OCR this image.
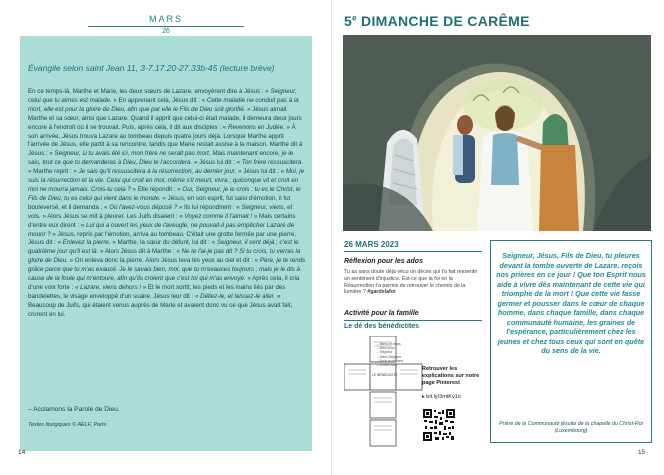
MARS
26
Évangile selon saint Jean 11, 3-7.17.20-27.33b-45 (lecture brève)
En ce temps-là, Marthe et Marie, les deux sœurs de Lazare, envoyèrent dire à Jésus : « Seigneur, celui que tu aimes est malade. » En apprenant cela, Jésus dit : « Cette maladie ne conduit pas à la mort, elle est pour la gloire de Dieu, afin que par elle le Fils de Dieu soit glorifié. » Jésus aimait Marthe et sa sœur, ainsi que Lazare. Quand il apprit que celui-ci était malade, il demeura deux jours encore à l'endroit où il se trouvait. Puis, après cela, il dit aux disciples : « Revenons en Judée. » À son arrivée, Jésus trouva Lazare au tombeau depuis quatre jours déjà. Lorsque Marthe apprit l'arrivée de Jésus, elle partit à sa rencontre, tandis que Marie restait assise à la maison. Marthe dit à Jésus : « Seigneur, si tu avais été ici, mon frère ne serait pas mort. Mais maintenant encore, je le sais, tout ce que tu demanderas à Dieu, Dieu te l'accordera. » Jésus lui dit : « Ton frère ressuscitera. » Marthe reprit : « Je sais qu'il ressuscitera à la résurrection, au dernier jour. » Jésus lui dit : « Moi, je suis la résurrection et la vie. Celui qui croit en moi, même s'il meurt, vivra ; quiconque vit et croit en moi ne mourra jamais. Crois-tu cela ? » Elle répondit : « Oui, Seigneur, je le crois : tu es le Christ, le Fils de Dieu, tu es celui qui vient dans le monde. » Jésus, en son esprit, fut saisi d'émotion, il fut bouleversé, et il demanda : « Où l'avez-vous déposé ? » Ils lui répondirent : « Seigneur, viens, et vois. » Alors Jésus se mit à pleurer. Les Juifs disaient : « Voyez comme il l'aimait ! » Mais certains d'entre eux dirent : « Lui qui a ouvert les yeux de l'aveugle, ne pouvait-il pas empêcher Lazare de mourir ? » Jésus, repris par l'émotion, arriva au tombeau. C'était une grotte fermée par une pierre. Jésus dit : « Enlevez la pierre. » Marthe, la sœur du défunt, lui dit : « Seigneur, il sent déjà ; c'est le quatrième jour qu'il est là. » Alors Jésus dit à Marthe : « Ne te l'ai-je pas dit ? Si tu crois, tu verras la gloire de Dieu. » On enleva donc la pierre. Alors Jésus leva les yeux au ciel et dit : « Père, je te rends grâce parce que tu m'as exaucé. Je le savais bien, moi, que tu m'exauces toujours ; mais je le dis à cause de la foule qui m'entoure, afin qu'ils croient que c'est toi qui m'as envoyé. » Après cela, il cria d'une voix forte : « Lazare, viens dehors ! » Et le mort sortit, les pieds et les mains liés par des bandelettes, le visage enveloppé d'un suaire. Jésus leur dit : « Déliez-le, et laissez-le aller. » Beaucoup de Juifs, qui étaient venus auprès de Marie et avaient donc vu ce que Jésus avait fait, crurent en lui.
– Acclamons la Parole de Dieu.
Textes liturgiques © AELF, Paris
14
5e DIMANCHE DE CARÊME
26 MARS 2023
Réflexion pour les ados
Tu as sans doute déjà vécu un décès qui t'a fait ressentir un sentiment d'injustice. Est-ce que la foi en la Résurrection t'a permis de retrouver le chemin de la lumière ? #gardelafoi
Activité pour la famille
Le dé des bénédictites
LE BÉNÉDICITÉ
Retrouver les explications sur notre page Pinterest
▸ bit.ly/3mtKv1o
Seigneur, Jésus, Fils de Dieu, tu pleures devant la tombe ouverte de Lazare, reçois nos prières en ce jour ! Que ton Esprit nous aide à vivre dès maintenant de cette vie qui triomphe de la mort ! Que cette vie fasse germer et pousser dans le cœur de chaque homme, dans chaque famille, dans chaque communauté humaine, les graines de l'espérance, particulièrement chez les jeunes et chez tous ceux qui sont en quête du sens de la vie.
Prière de la Communauté jésuite de la chapelle du Christ-Roi (Luxembourg)
15
– Bénis ce repas
– Merci pour
– Seigneur
– Bénis Seigneur
– Nous te rendons
– Donne-nous
